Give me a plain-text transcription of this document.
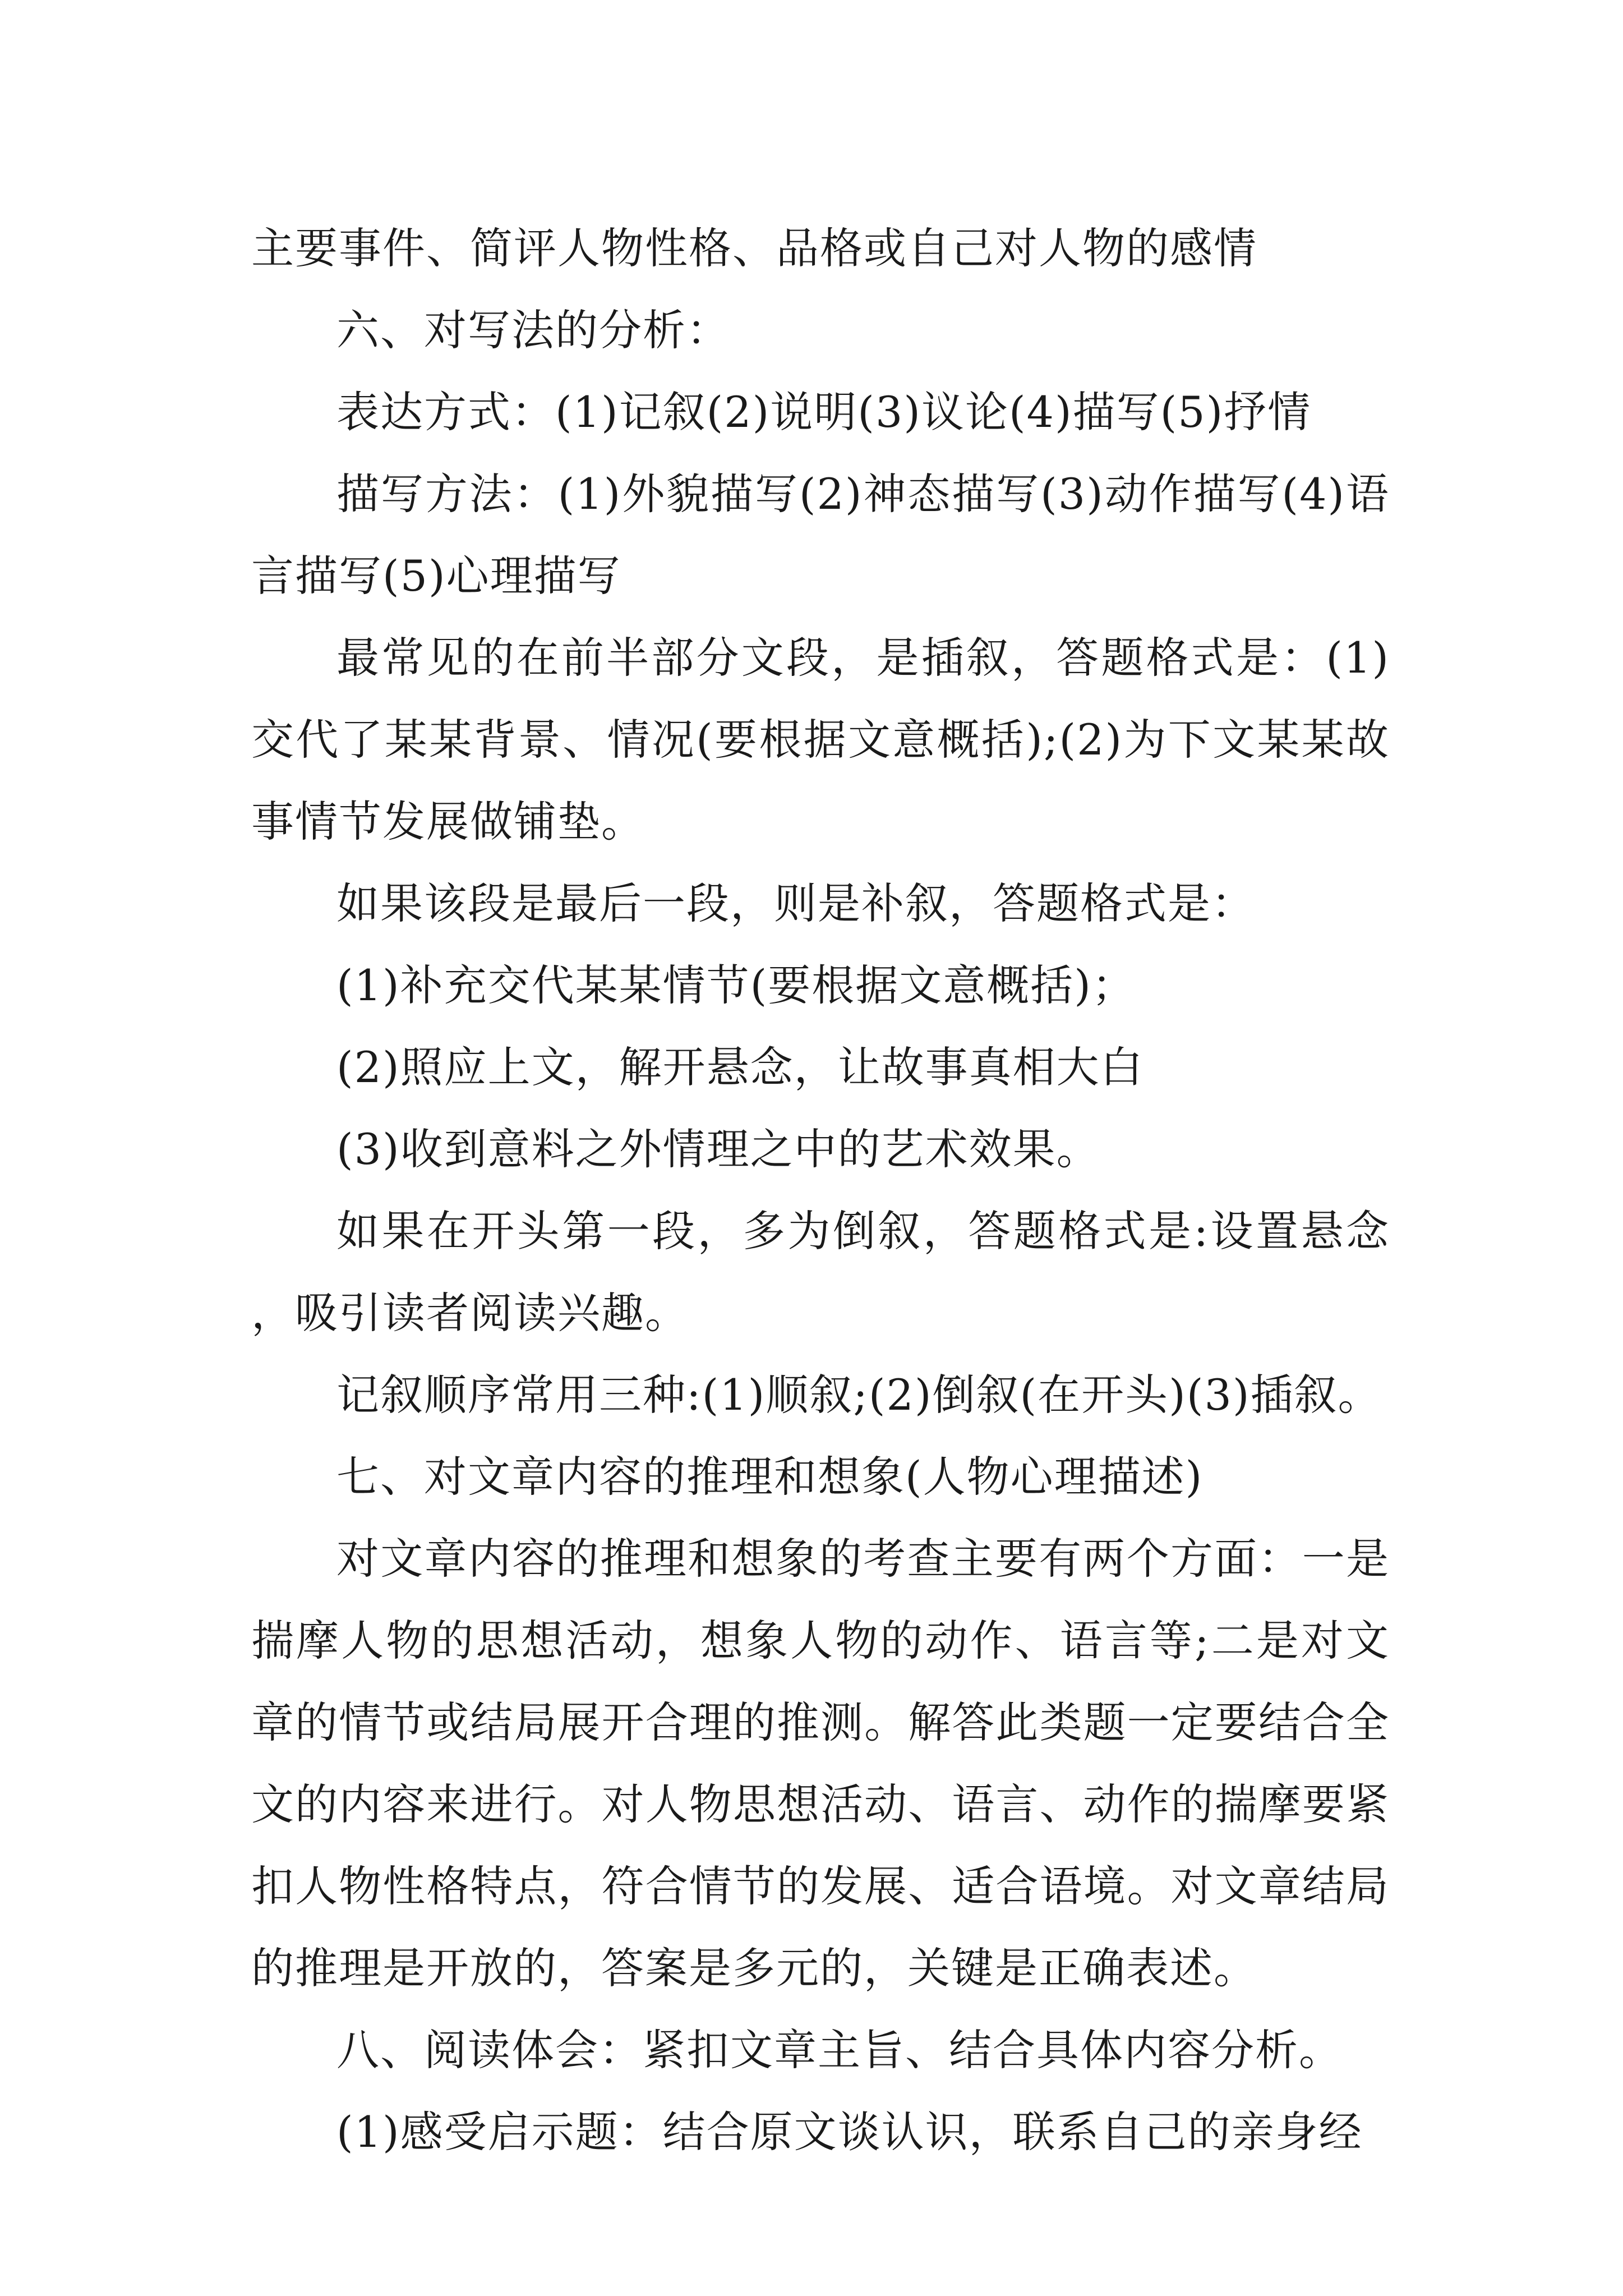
主要事件、简评人物性格、品格或自己对人物的感情

六、对写法的分析：

表达方式：(1)记叙(2)说明(3)议论(4)描写(5)抒情

描写方法：(1)外貌描写(2)神态描写(3)动作描写(4)语言描写(5)心理描写

最常见的在前半部分文段，是插叙，答题格式是：(1)交代了某某背景、情况(要根据文意概括);(2)为下文某某故事情节发展做铺垫。

如果该段是最后一段，则是补叙，答题格式是：

(1)补充交代某某情节(要根据文意概括)；

(2)照应上文，解开悬念，让故事真相大白

(3)收到意料之外情理之中的艺术效果。

如果在开头第一段，多为倒叙，答题格式是:设置悬念，吸引读者阅读兴趣。

记叙顺序常用三种:(1)顺叙;(2)倒叙(在开头)(3)插叙。

七、对文章内容的推理和想象(人物心理描述)

对文章内容的推理和想象的考查主要有两个方面：一是揣摩人物的思想活动，想象人物的动作、语言等;二是对文章的情节或结局展开合理的推测。解答此类题一定要结合全文的内容来进行。对人物思想活动、语言、动作的揣摩要紧扣人物性格特点，符合情节的发展、适合语境。对文章结局的推理是开放的，答案是多元的，关键是正确表述。

八、阅读体会：紧扣文章主旨、结合具体内容分析。

(1)感受启示题：结合原文谈认识，联系自己的亲身经
